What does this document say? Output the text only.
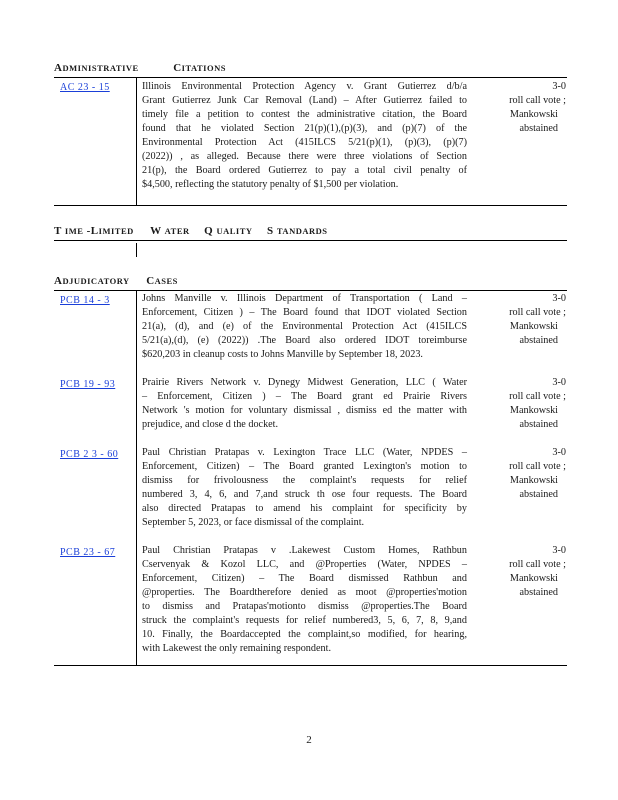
ADMINISTRATIVE	CITATIONS
AC 23 - 15	Illinois Environmental Protection Agency v. Grant Gutierrez d/b/a
Grant Gutierrez Junk Car Removal (Land) – After Gutierrez failed to
timely file a petition to contest the administrative citation, the Board
found that he violated Section 21(p)(1),(p)(3), and (p)(7) of the
Environmental Protection Act (415ILCS 5/21(p)(1), (p)(3), (p)(7)
(2022)) , as alleged. Because there were three violations of Section
21(p), the Board ordered Gutierrez to pay a total civil penalty of
$4,500, reflecting the statutory penalty of $1,500 per violation.
3-0
roll call vote ;
Mankowski
abstained
T IME -LIMITED W ATER Q UALITY S TANDARDS
ADJUDICATORY CASES
PCB 14 - 3	Johns Manville v. Illinois Department of Transportation ( Land –
Enforcement, Citizen ) – The Board found that IDOT violated Section
21(a), (d), and (e) of the Environmental Protection Act (415ILCS
5/21(a),(d), (e) (2022)) .The Board also ordered IDOT toreimburse
$620,203 in cleanup costs to Johns Manville by September 18, 2023.
3-0
roll call vote ;
Mankowski
abstained
PCB 19 - 93	Prairie Rivers Network v. Dynegy Midwest Generation, LLC ( Water
– Enforcement, Citizen ) – The Board grant ed Prairie Rivers
Network 's motion for voluntary dismissal , dismiss ed the matter with
prejudice, and close d the docket.
3-0
roll call vote ;
Mankowski
abstained
PCB 2 3 - 60 Paul Christian Pratapas v. Lexington Trace LLC (Water, NPDES –
Enforcement, Citizen) – The Board granted Lexington's motion to
dismiss for frivolousness the complaint's requests for relief
numbered 3, 4, 6, and 7,and struck th ose four requests. The Board
also directed Pratapas to amend his complaint for specificity by
September 5, 2023, or face dismissal of the complaint.
3-0
roll call vote ;
Mankowski
abstained
PCB 23 - 67	Paul Christian Pratapas v .Lakewest Custom Homes, Rathbun
Cservenyak & Kozol LLC, and @Properties (Water, NPDES –
Enforcement, Citizen) – The Board dismissed Rathbun and
@properties. The Boardtherefore denied as moot @properties'motion
to dismiss and Pratapas'motionto dismiss @properties.The Board
struck the complaint's requests for relief numbered3, 5, 6, 7, 8, 9,and
10. Finally, the Boardaccepted the complaint,so modified, for hearing,
with Lakewest the only remaining respondent.
3-0
roll call vote ;
Mankowski
abstained
2
